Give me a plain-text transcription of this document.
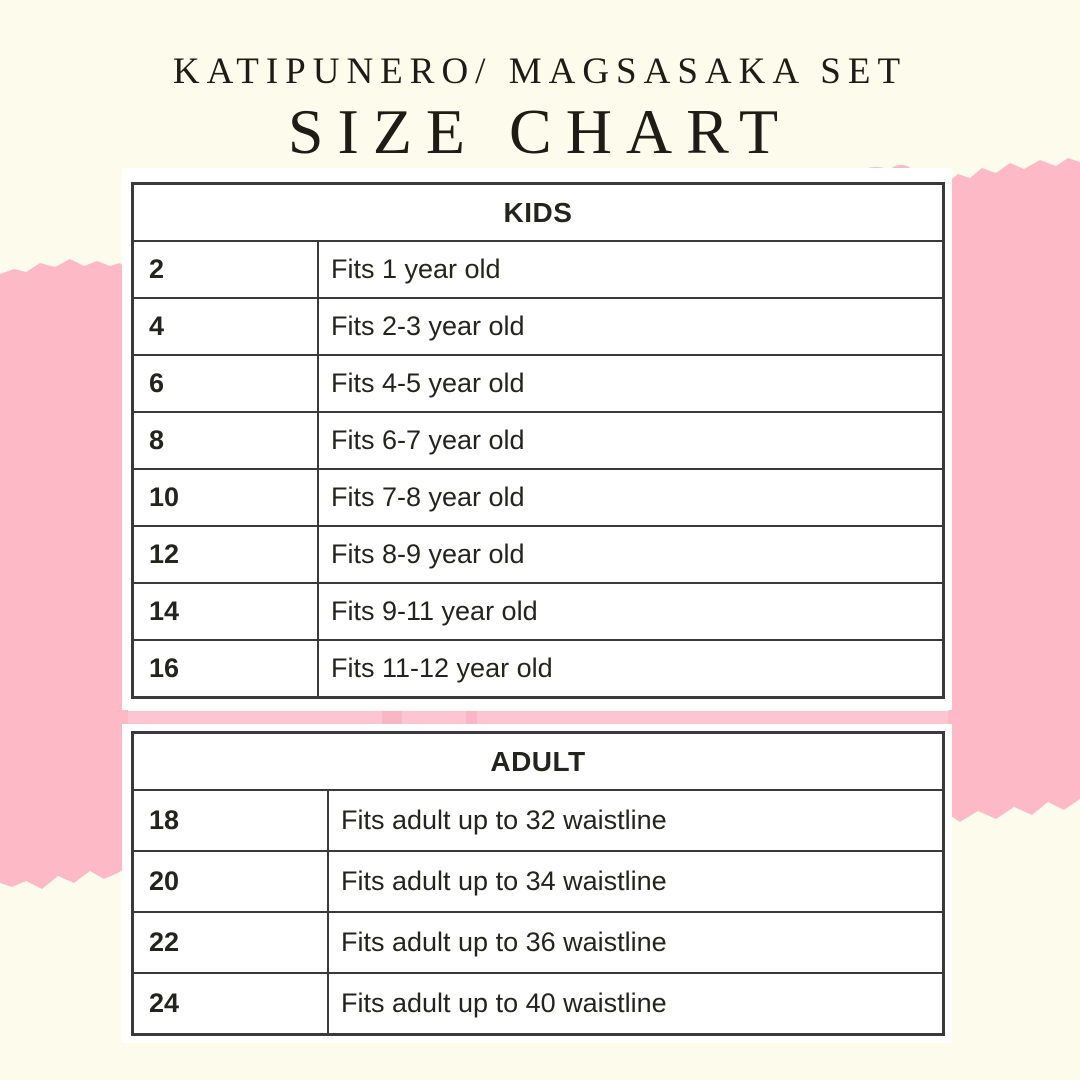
KATIPUNERO/ MAGSASAKA SET
SIZE CHART
KIDS
2	Fits 1 year old
4	Fits 2-3 year old
6	Fits 4-5 year old
8	Fits 6-7 year old
10	Fits 7-8 year old
12	Fits 8-9 year old
14	Fits 9-11 year old
16	Fits 11-12 year old
ADULT
18	Fits adult up to 32 waistline
20	Fits adult up to 34 waistline
22	Fits adult up to 36 waistline
24	Fits adult up to 40 waistline
